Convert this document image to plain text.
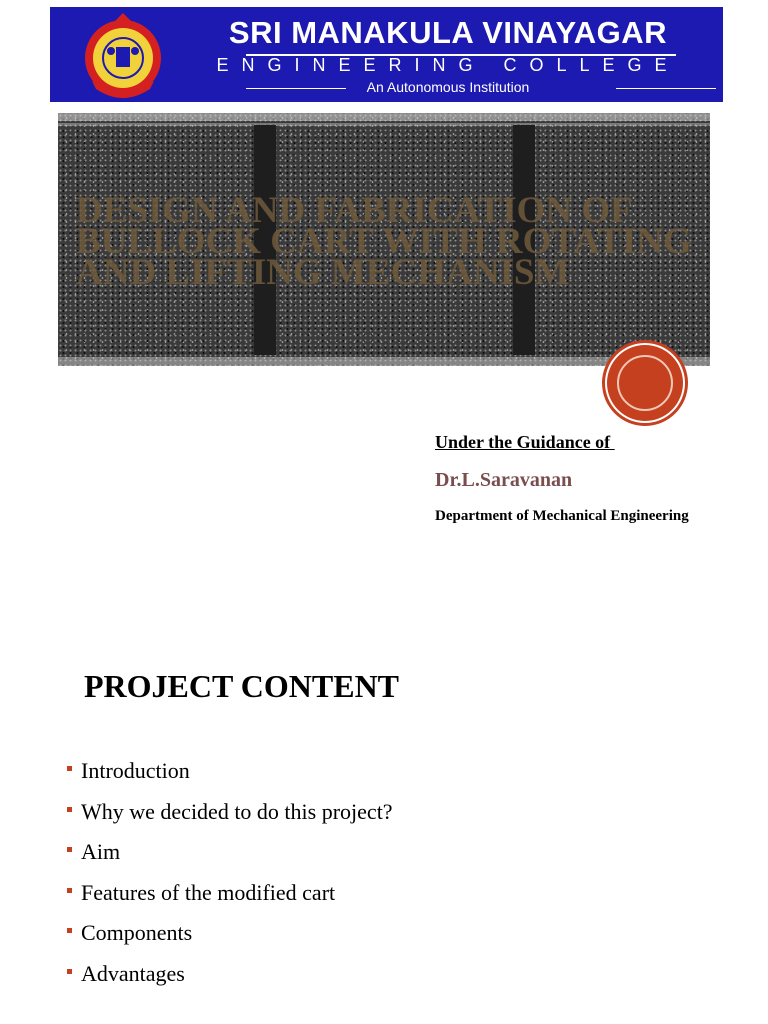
SRI MANAKULA VINAYAGAR
ENGINEERING COLLEGE
An Autonomous Institution
DESIGN AND FABRICATION OF BULLOCK CART WITH ROTATING AND LIFTING MECHANISM
Under the Guidance of
Dr.L.Saravanan
Department of Mechanical Engineering
PROJECT CONTENT
Introduction
Why we decided to do this project?
Aim
Features of the modified cart
Components
Advantages
